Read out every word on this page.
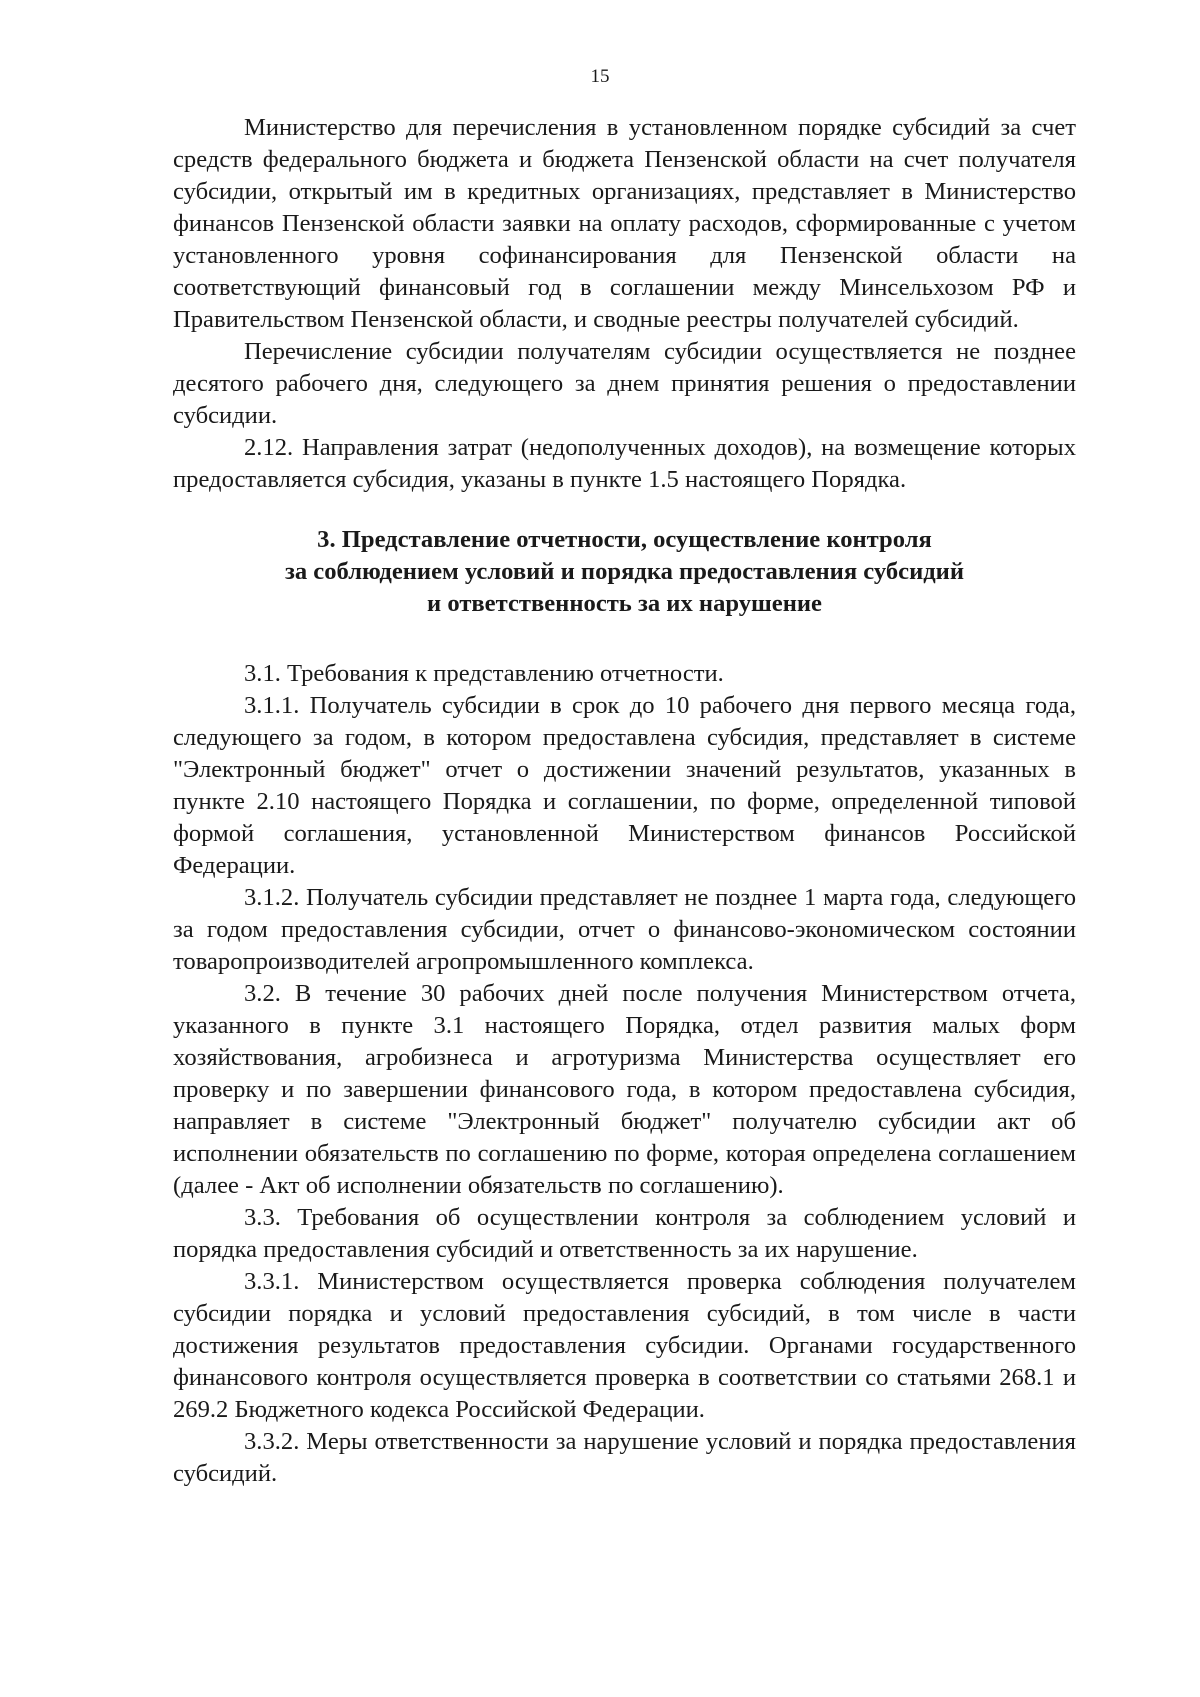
15

Министерство для перечисления в установленном порядке субсидий за счет средств федерального бюджета и бюджета Пензенской области на счет получателя субсидии, открытый им в кредитных организациях, представляет в Министерство финансов Пензенской области заявки на оплату расходов, сформированные с учетом установленного уровня софинансирования для Пензенской области на соответствующий финансовый год в соглашении между Минсельхозом РФ и Правительством Пензенской области, и сводные реестры получателей субсидий.

Перечисление субсидии получателям субсидии осуществляется не позднее десятого рабочего дня, следующего за днем принятия решения о предоставлении субсидии.

2.12. Направления затрат (недополученных доходов), на возмещение которых предоставляется субсидия, указаны в пункте 1.5 настоящего Порядка.

3. Представление отчетности, осуществление контроля
за соблюдением условий и порядка предоставления субсидий
и ответственность за их нарушение

3.1. Требования к представлению отчетности.

3.1.1. Получатель субсидии в срок до 10 рабочего дня первого месяца года, следующего за годом, в котором предоставлена субсидия, представляет в системе "Электронный бюджет" отчет о достижении значений результатов, указанных в пункте 2.10 настоящего Порядка и соглашении, по форме, определенной типовой формой соглашения, установленной Министерством финансов Российской Федерации.

3.1.2. Получатель субсидии представляет не позднее 1 марта года, следующего за годом предоставления субсидии, отчет о финансово-экономическом состоянии товаропроизводителей агропромышленного комплекса.

3.2. В течение 30 рабочих дней после получения Министерством отчета, указанного в пункте 3.1 настоящего Порядка, отдел развития малых форм хозяйствования, агробизнеса и агротуризма Министерства осуществляет его проверку и по завершении финансового года, в котором предоставлена субсидия, направляет в системе "Электронный бюджет" получателю субсидии акт об исполнении обязательств по соглашению по форме, которая определена соглашением (далее - Акт об исполнении обязательств по соглашению).

3.3. Требования об осуществлении контроля за соблюдением условий и порядка предоставления субсидий и ответственность за их нарушение.

3.3.1. Министерством осуществляется проверка соблюдения получателем субсидии порядка и условий предоставления субсидий, в том числе в части достижения результатов предоставления субсидии. Органами государственного финансового контроля осуществляется проверка в соответствии со статьями 268.1 и 269.2 Бюджетного кодекса Российской Федерации.

3.3.2. Меры ответственности за нарушение условий и порядка предоставления субсидий.
